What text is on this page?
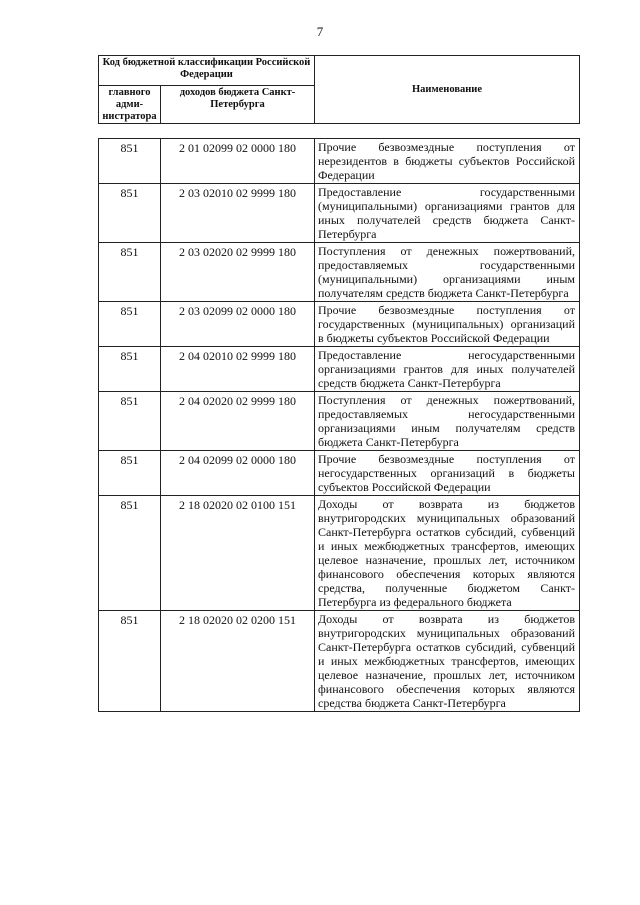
7
Код бюджетной классификации Российской Федерации		Наименование
главного адми-нистратора	доходов бюджета Санкт-Петербурга	
851	2 01 02099 02 0000 180	Прочие безвозмездные поступления от нерезидентов в бюджеты субъектов Российской Федерации
851	2 03 02010 02 9999 180	Предоставление государственными (муниципальными) организациями грантов для иных получателей средств бюджета Санкт-Петербурга
851	2 03 02020 02 9999 180	Поступления от денежных пожертвований, предоставляемых государственными (муниципальными) организациями иным получателям средств бюджета Санкт-Петербурга
851	2 03 02099 02 0000 180	Прочие безвозмездные поступления от государственных (муниципальных) организаций в бюджеты субъектов Российской Федерации
851	2 04 02010 02 9999 180	Предоставление негосударственными организациями грантов для иных получателей средств бюджета Санкт-Петербурга
851	2 04 02020 02 9999 180	Поступления от денежных пожертвований, предоставляемых негосударственными организациями иным получателям средств бюджета Санкт-Петербурга
851	2 04 02099 02 0000 180	Прочие безвозмездные поступления от негосударственных организаций в бюджеты субъектов Российской Федерации
851	2 18 02020 02 0100 151	Доходы от возврата из бюджетов внутригородских муниципальных образований Санкт-Петербурга остатков субсидий, субвенций и иных межбюджетных трансфертов, имеющих целевое назначение, прошлых лет, источником финансового обеспечения которых являются средства, полученные бюджетом Санкт-Петербурга из федерального бюджета
851	2 18 02020 02 0200 151	Доходы от возврата из бюджетов внутригородских муниципальных образований Санкт-Петербурга остатков субсидий, субвенций и иных межбюджетных трансфертов, имеющих целевое назначение, прошлых лет, источником финансового обеспечения которых являются средства бюджета Санкт-Петербурга
